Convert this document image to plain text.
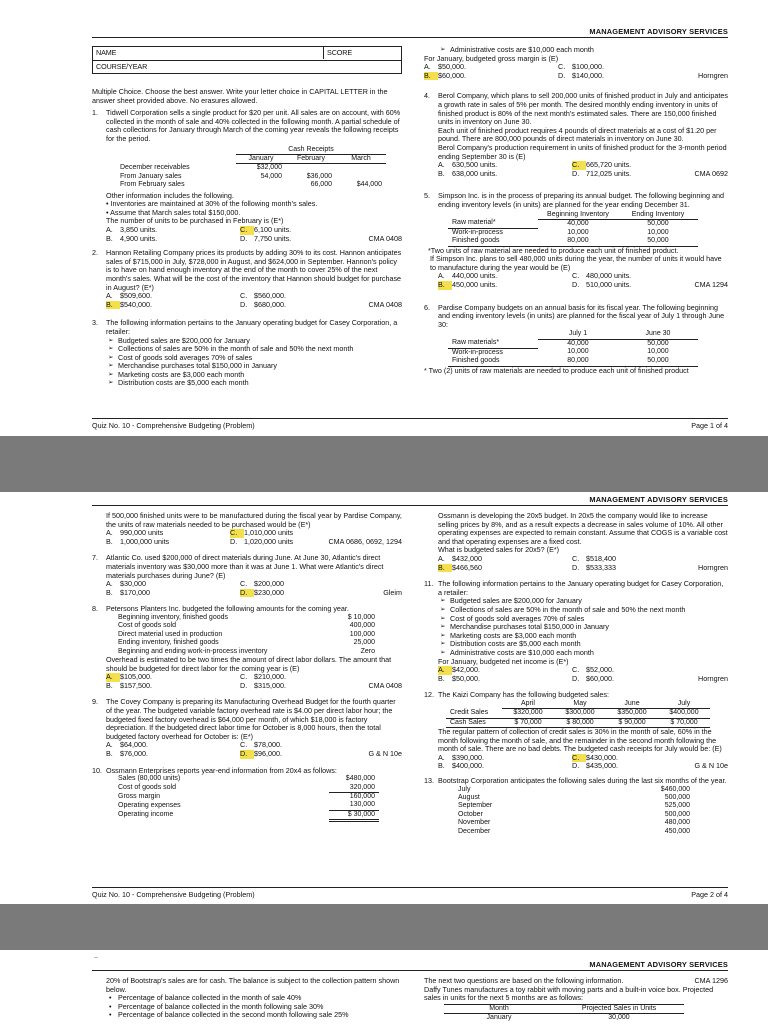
MANAGEMENT ADVISORY SERVICES
NAME	SCORE
COURSE/YEAR
Multiple Choice. Choose the best answer. Write your letter choice in CAPITAL LETTER in the answer sheet provided above. No erasures allowed.
1. Tidwell Corporation sells a single product for $20 per unit. All sales are on account, with 60% collected in the month of sale and 40% collected in the following month. A partial schedule of cash collections for January through March of the coming year reveals the following receipts for the period.
	Cash Receipts		
	January	February	March
December receivables	$32,000		
From January sales	54,000	$36,000	
From February sales		66,000	$44,000
Other information includes the following.
• Inventories are maintained at 30% of the following month’s sales.
• Assume that March sales total $150,000.
The number of units to be purchased in February is (E*)
A.	3,850 units.	C. 6,100 units.
B.	4,900 units.	D. 7,750 units.	CMA 0408
2. Hannon Retailing Company prices its products by adding 30% to its cost. Hannon anticipates sales of $715,000 in July, $728,000 in August, and $624,000 in September. Hannon's policy is to have on hand enough inventory at the end of the month to cover 25% of the next month's sales. What will be the cost of the inventory that Hannon should budget for purchase in August? (E*)
A.	$509,600.	C. $560,000.
B.	$540,000.	D. $680,000.	CMA 0408
3. The following information pertains to the January operating budget for Casey Corporation, a retailer:
➢ Budgeted sales are $200,000 for January
➢ Collections of sales are 50% in the month of sale and 50% the next month
➢ Cost of goods sold averages 70% of sales
➢ Merchandise purchases total $150,000 in January
➢ Marketing costs are $3,000 each month
➢ Distribution costs are $5,000 each month
➢ Administrative costs are $10,000 each month
For January, budgeted gross margin is (E)
A.	$50,000.	C. $100,000.
B.	$60,000.	D. $140,000.	Horngren
4. Berol Company, which plans to sell 200,000 units of finished product in July and anticipates a growth rate in sales of 5% per month. The desired monthly ending inventory in units of finished product is 80% of the next month's estimated sales. There are 150,000 finished units in inventory on June 30.
Each unit of finished product requires 4 pounds of direct materials at a cost of $1.20 per pound. There are 800,000 pounds of direct materials in inventory on June 30.
Berol Company's production requirement in units of finished product for the 3-month period ending September 30 is (E)
A.	630,500 units.	C. 665,720 units.
B.	638,000 units.	D. 712,025 units.	CMA 0692
5. Simpson Inc. is in the process of preparing its annual budget. The following beginning and ending inventory levels (in units) are planned for the year ending December 31.
	Beginning Inventory	Ending Inventory
Raw material*	40,000	50,000
Work-in-process	10,000	10,000
Finished goods	80,000	50,000
*Two units of raw material are needed to produce each unit of finished product.
If Simpson Inc. plans to sell 480,000 units during the year, the number of units it would have to manufacture during the year would be (E)
A.	440,000 units.	C. 480,000 units.
B.	450,000 units.	D. 510,000 units.	CMA 1294
6. Pardise Company budgets on an annual basis for its fiscal year. The following beginning and ending inventory levels (in units) are planned for the fiscal year of July 1 through June 30:
	July 1	June 30
Raw materials*	40,000	50,000
Work-in-process	10,000	10,000
Finished goods	80,000	50,000
* Two (2) units of raw materials are needed to produce each unit of finished product
Quiz No. 10 - Comprehensive Budgeting (Problem)	Page 1 of 4
MANAGEMENT ADVISORY SERVICES
If 500,000 finished units were to be manufactured during the fiscal year by Pardise Company, the units of raw materials needed to be purchased would be (E*)
A.	990,000 units	C. 1,010,000 units
B.	1,000,000 units	D. 1,020,000 units	CMA 0686, 0692, 1294
7. Atlantic Co. used $200,000 of direct materials during June. At June 30, Atlantic's direct materials inventory was $30,000 more than it was at June 1. What were Atlantic's direct materials purchases during June? (E)
A.	$30,000	C. $200,000
B.	$170,000	D. $230,000	Gleim
8. Petersons Planters Inc. budgeted the following amounts for the coming year.
Beginning inventory, finished goods	$ 10,000
Cost of goods sold	400,000
Direct material used in production	100,000
Ending inventory, finished goods	25,000
Beginning and ending work-in-process inventory	Zero
Overhead is estimated to be two times the amount of direct labor dollars. The amount that should be budgeted for direct labor for the coming year is (E)
A.	$105,000.	C. $210,000.
B.	$157,500.	D. $315,000.	CMA 0408
9. The Covey Company is preparing its Manufacturing Overhead Budget for the fourth quarter of the year. The budgeted variable factory overhead rate is $4.00 per direct labor hour; the budgeted fixed factory overhead is $64,000 per month, of which $18,000 is factory depreciation. If the budgeted direct labor time for October is 8,000 hours, then the total budgeted factory overhead for October is: (E*)
A.	$64,000.	C. $78,000.
B.	$76,000.	D. $96,000.	G & N 10e
10. Ossmann Enterprises reports year-end information from 20x4 as follows:
Sales (80,000 units)	$480,000
Cost of goods sold	320,000
Gross margin	160,000
Operating expenses	130,000
Operating income	$ 30,000
Ossmann is developing the 20x5 budget. In 20x5 the company would like to increase selling prices by 8%, and as a result expects a decrease in sales volume of 10%. All other operating expenses are expected to remain constant. Assume that COGS is a variable cost and that operating expenses are a fixed cost.
What is budgeted sales for 20x5? (E*)
A.	$432,000	C. $518,400
B.	$466,560	D. $533,333	Horngren
11. The following information pertains to the January operating budget for Casey Corporation, a retailer:
➢ Budgeted sales are $200,000 for January
➢ Collections of sales are 50% in the month of sale and 50% the next month
➢ Cost of goods sold averages 70% of sales
➢ Merchandise purchases total $150,000 in January
➢ Marketing costs are $3,000 each month
➢ Distribution costs are $5,000 each month
➢ Administrative costs are $10,000 each month
For January, budgeted net income is (E*)
A.	$42,000.	C. $52,000.
B.	$50,000.	D. $60,000.	Horngren
12. The Kaizi Company has the following budgeted sales:
	April	May	June	July
Credit Sales	$320,000	$300,000	$350,000	$400,000
Cash Sales	$ 70,000	$ 80,000	$ 90,000	$ 70,000
The regular pattern of collection of credit sales is 30% in the month of sale, 60% in the month following the month of sale, and the remainder in the second month following the month of sale. There are no bad debts. The budgeted cash receipts for July would be: (E)
A.	$390,000.	C. $430,000.
B.	$400,000.	D. $435,000.	G & N 10e
13. Bootstrap Corporation anticipates the following sales during the last six months of the year.
July	$460,000
August	500,000
September	525,000
October	500,000
November	480,000
December	450,000
Quiz No. 10 - Comprehensive Budgeting (Problem)	Page 2 of 4
~
MANAGEMENT ADVISORY SERVICES
20% of Bootstrap's sales are for cash. The balance is subject to the collection pattern shown below.
• Percentage of balance collected in the month of sale 40%
• Percentage of balance collected in the month following sale 30%
• Percentage of balance collected in the second month following sale 25%
The next two questions are based on the following information.	CMA 1296
Daffy Tunes manufactures a toy rabbit with moving parts and a built-in voice box. Projected sales in units for the next 5 months are as follows:
Month	Projected Sales in Units
January	30,000
